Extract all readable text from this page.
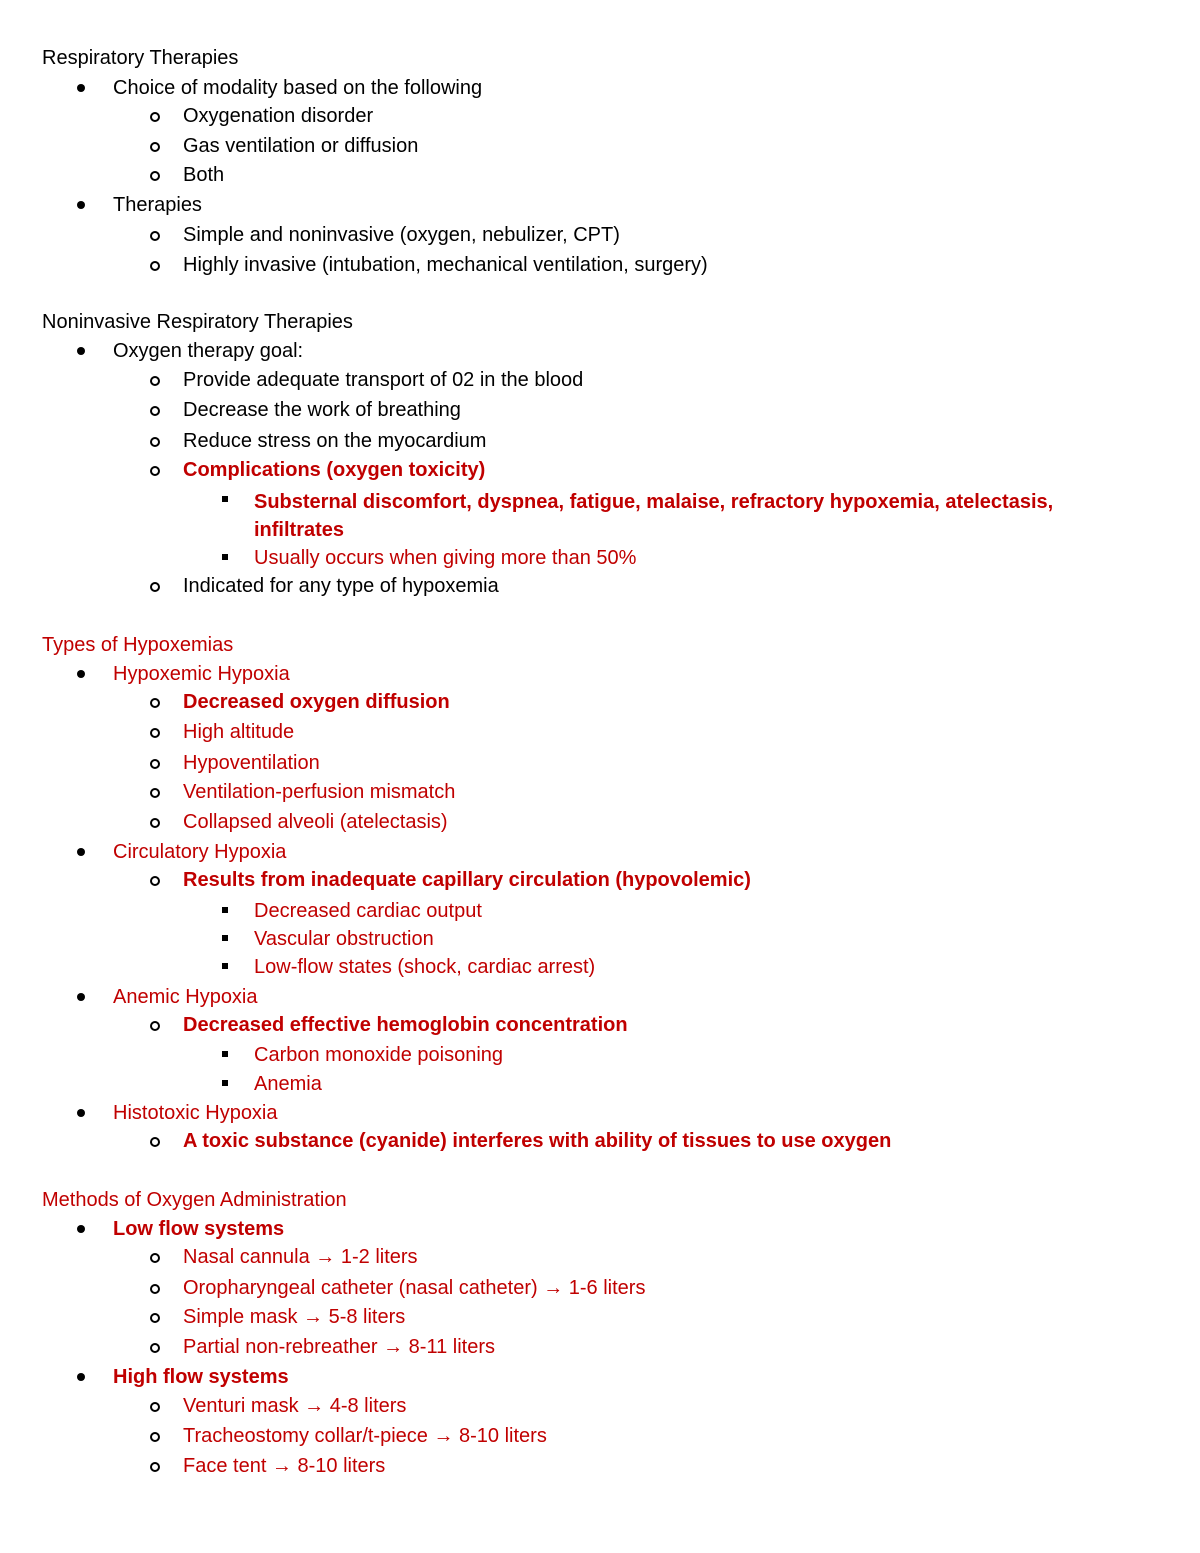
Respiratory Therapies
Choice of modality based on the following
Oxygenation disorder
Gas ventilation or diffusion
Both
Therapies
Simple and noninvasive (oxygen, nebulizer, CPT)
Highly invasive (intubation, mechanical ventilation, surgery)
Noninvasive Respiratory Therapies
Oxygen therapy goal:
Provide adequate transport of 02 in the blood
Decrease the work of breathing
Reduce stress on the myocardium
Complications (oxygen toxicity)
Substernal discomfort, dyspnea, fatigue, malaise, refractory hypoxemia, atelectasis, infiltrates
Usually occurs when giving more than 50%
Indicated for any type of hypoxemia
Types of Hypoxemias
Hypoxemic Hypoxia
Decreased oxygen diffusion
High altitude
Hypoventilation
Ventilation-perfusion mismatch
Collapsed alveoli (atelectasis)
Circulatory Hypoxia
Results from inadequate capillary circulation (hypovolemic)
Decreased cardiac output
Vascular obstruction
Low-flow states (shock, cardiac arrest)
Anemic Hypoxia
Decreased effective hemoglobin concentration
Carbon monoxide poisoning
Anemia
Histotoxic Hypoxia
A toxic substance (cyanide) interferes with ability of tissues to use oxygen
Methods of Oxygen Administration
Low flow systems
Nasal cannula → 1-2 liters
Oropharyngeal catheter (nasal catheter) → 1-6 liters
Simple mask → 5-8 liters
Partial non-rebreather → 8-11 liters
High flow systems
Venturi mask → 4-8 liters
Tracheostomy collar/t-piece → 8-10 liters
Face tent → 8-10 liters
